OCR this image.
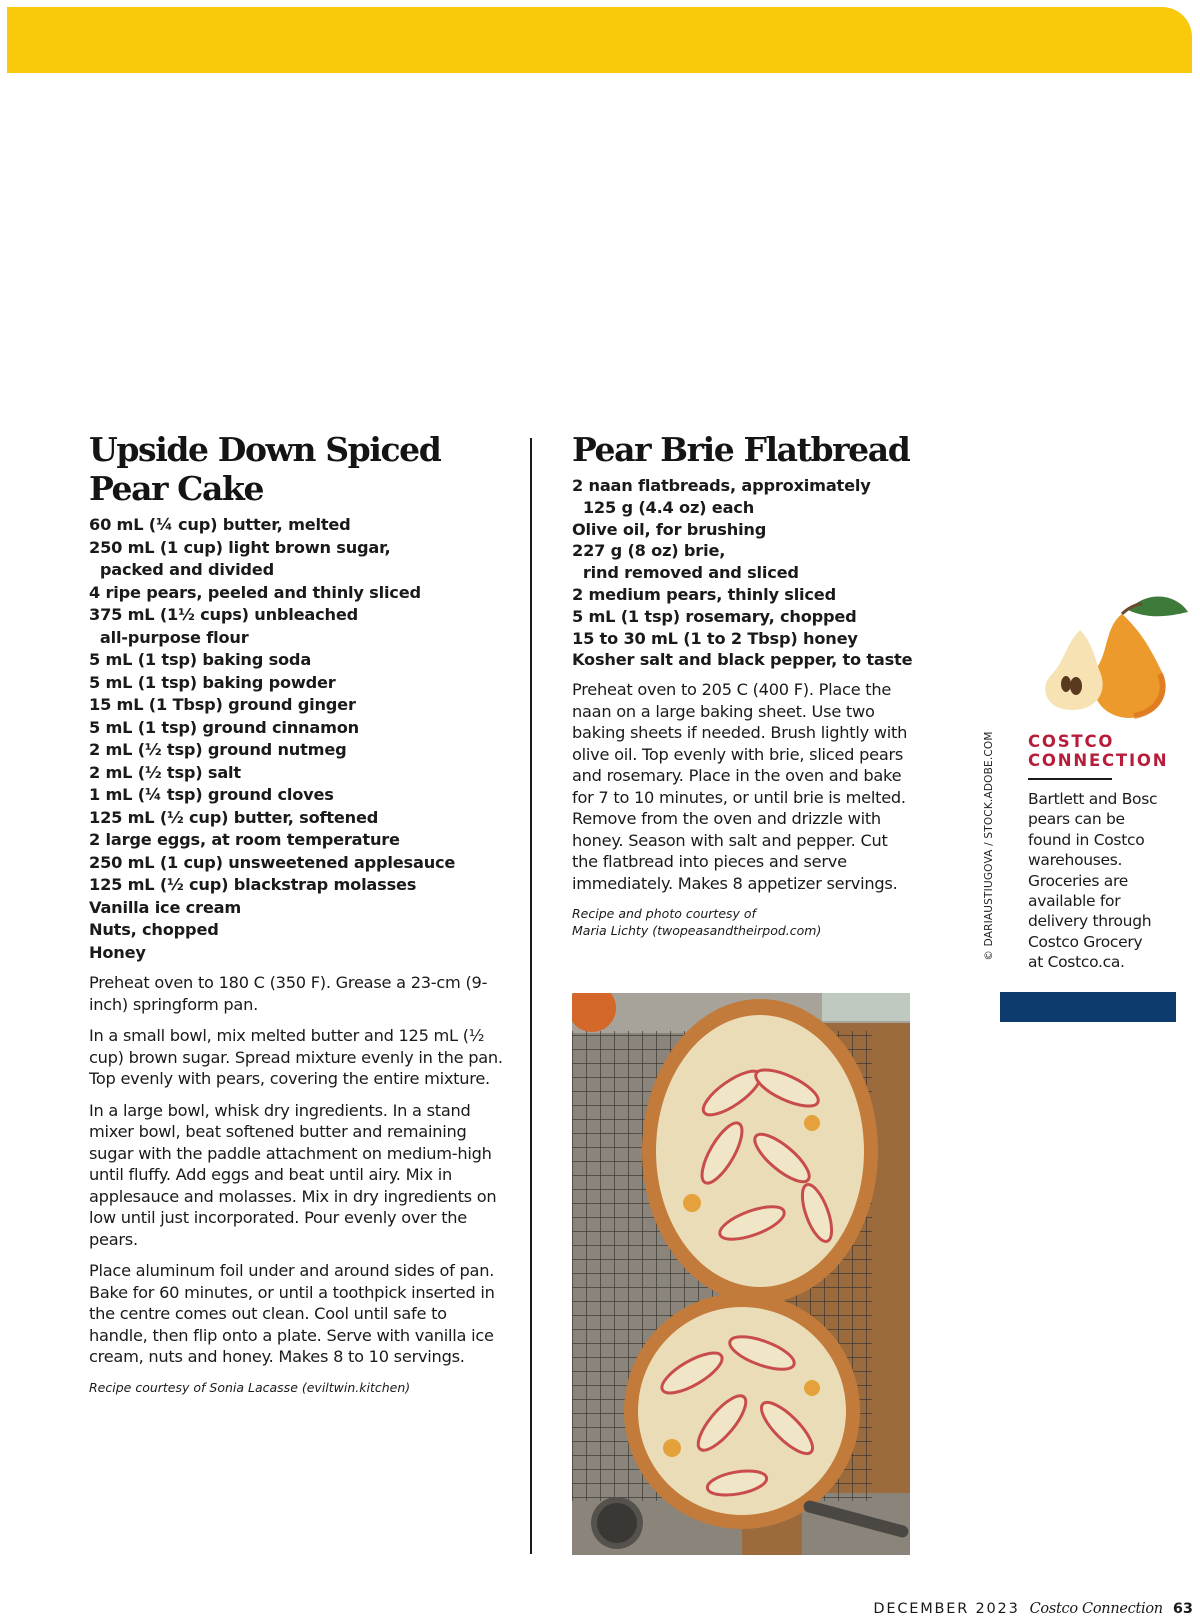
Upside Down Spiced
Pear Cake
60 mL (¼ cup) butter, melted
250 mL (1 cup) light brown sugar,
packed and divided
4 ripe pears, peeled and thinly sliced
375 mL (1½ cups) unbleached
all-purpose flour
5 mL (1 tsp) baking soda
5 mL (1 tsp) baking powder
15 mL (1 Tbsp) ground ginger
5 mL (1 tsp) ground cinnamon
2 mL (½ tsp) ground nutmeg
2 mL (½ tsp) salt
1 mL (¼ tsp) ground cloves
125 mL (½ cup) butter, softened
2 large eggs, at room temperature
250 mL (1 cup) unsweetened applesauce
125 mL (½ cup) blackstrap molasses
Vanilla ice cream
Nuts, chopped
Honey

Preheat oven to 180 C (350 F). Grease a 23-cm (9-inch) springform pan.

In a small bowl, mix melted butter and 125 mL (½ cup) brown sugar. Spread mixture evenly in the pan. Top evenly with pears, covering the entire mixture.

In a large bowl, whisk dry ingredients. In a stand mixer bowl, beat softened butter and remaining sugar with the paddle attachment on medium-high until fluffy. Add eggs and beat until airy. Mix in applesauce and molasses. Mix in dry ingredients on low until just incorporated. Pour evenly over the pears.

Place aluminum foil under and around sides of pan. Bake for 60 minutes, or until a toothpick inserted in the centre comes out clean. Cool until safe to handle, then flip onto a plate. Serve with vanilla ice cream, nuts and honey. Makes 8 to 10 servings.

Recipe courtesy of Sonia Lacasse (eviltwin.kitchen)

Pear Brie Flatbread
2 naan flatbreads, approximately
125 g (4.4 oz) each
Olive oil, for brushing
227 g (8 oz) brie,
rind removed and sliced
2 medium pears, thinly sliced
5 mL (1 tsp) rosemary, chopped
15 to 30 mL (1 to 2 Tbsp) honey
Kosher salt and black pepper, to taste

Preheat oven to 205 C (400 F). Place the naan on a large baking sheet. Use two baking sheets if needed. Brush lightly with olive oil. Top evenly with brie, sliced pears and rosemary. Place in the oven and bake for 7 to 10 minutes, or until brie is melted. Remove from the oven and drizzle with honey. Season with salt and pepper. Cut the flatbread into pieces and serve immediately. Makes 8 appetizer servings.

Recipe and photo courtesy of
Maria Lichty (twopeasandtheirpod.com)	© DARIAUSTIUGOVA / STOCK.ADOBE.COM COSTCO
CONNECTION
Bartlett and Bosc
pears can be
found in Costco
warehouses.
Groceries are
available for
delivery through
Costco Grocery
at Costco.ca.
DECEMBER 2023 Costco Connection 63
